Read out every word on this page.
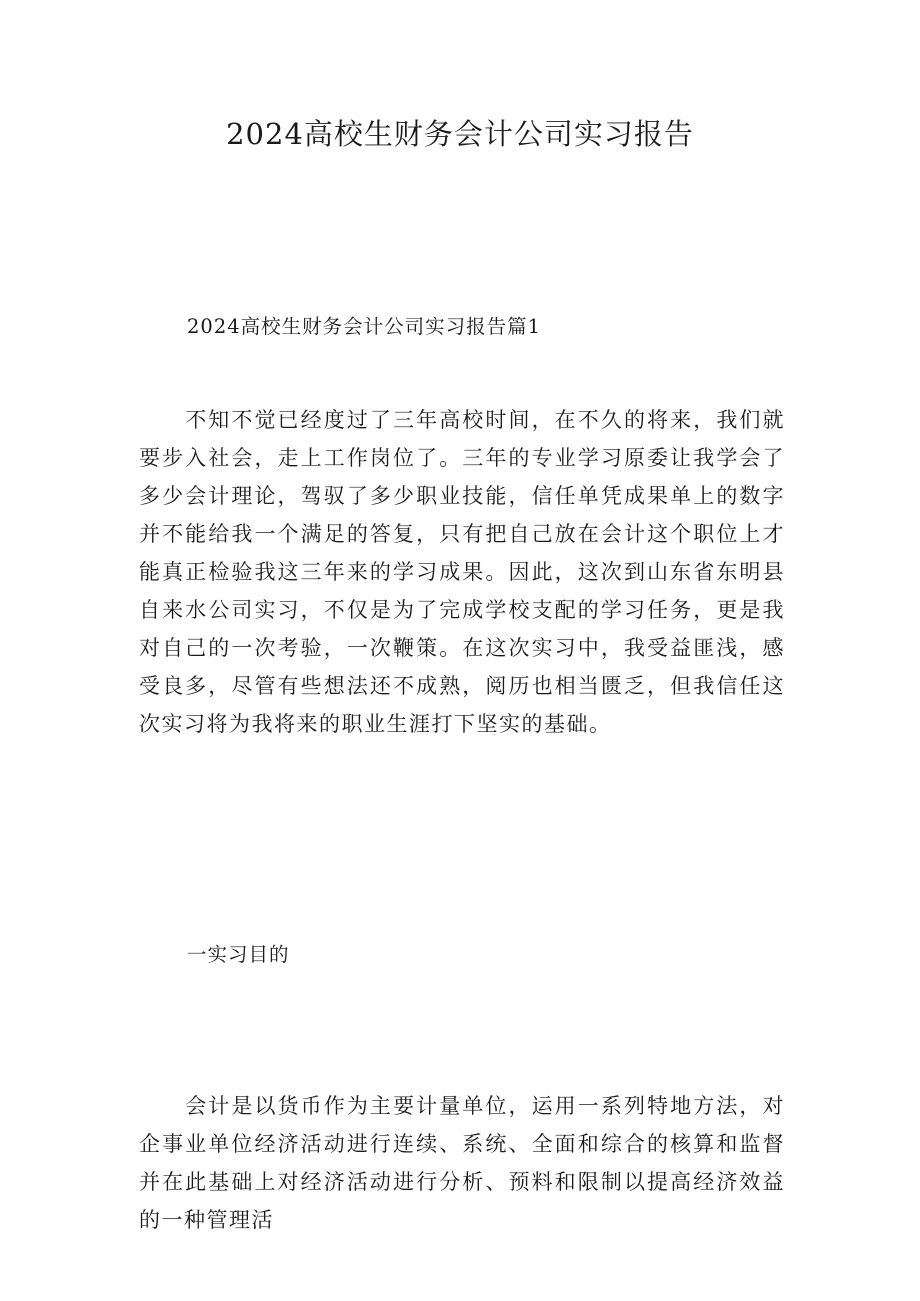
2024高校生财务会计公司实习报告

2024高校生财务会计公司实习报告篇1

不知不觉已经度过了三年高校时间，在不久的将来，我们就要步入社会，走上工作岗位了。三年的专业学习原委让我学会了多少会计理论，驾驭了多少职业技能，信任单凭成果单上的数字并不能给我一个满足的答复，只有把自己放在会计这个职位上才能真正检验我这三年来的学习成果。因此，这次到山东省东明县自来水公司实习，不仅是为了完成学校支配的学习任务，更是我对自己的一次考验，一次鞭策。在这次实习中，我受益匪浅，感受良多，尽管有些想法还不成熟，阅历也相当匮乏，但我信任这次实习将为我将来的职业生涯打下坚实的基础。

一实习目的

会计是以货币作为主要计量单位，运用一系列特地方法，对企事业单位经济活动进行连续、系统、全面和综合的核算和监督并在此基础上对经济活动进行分析、预料和限制以提高经济效益的一种管理活
